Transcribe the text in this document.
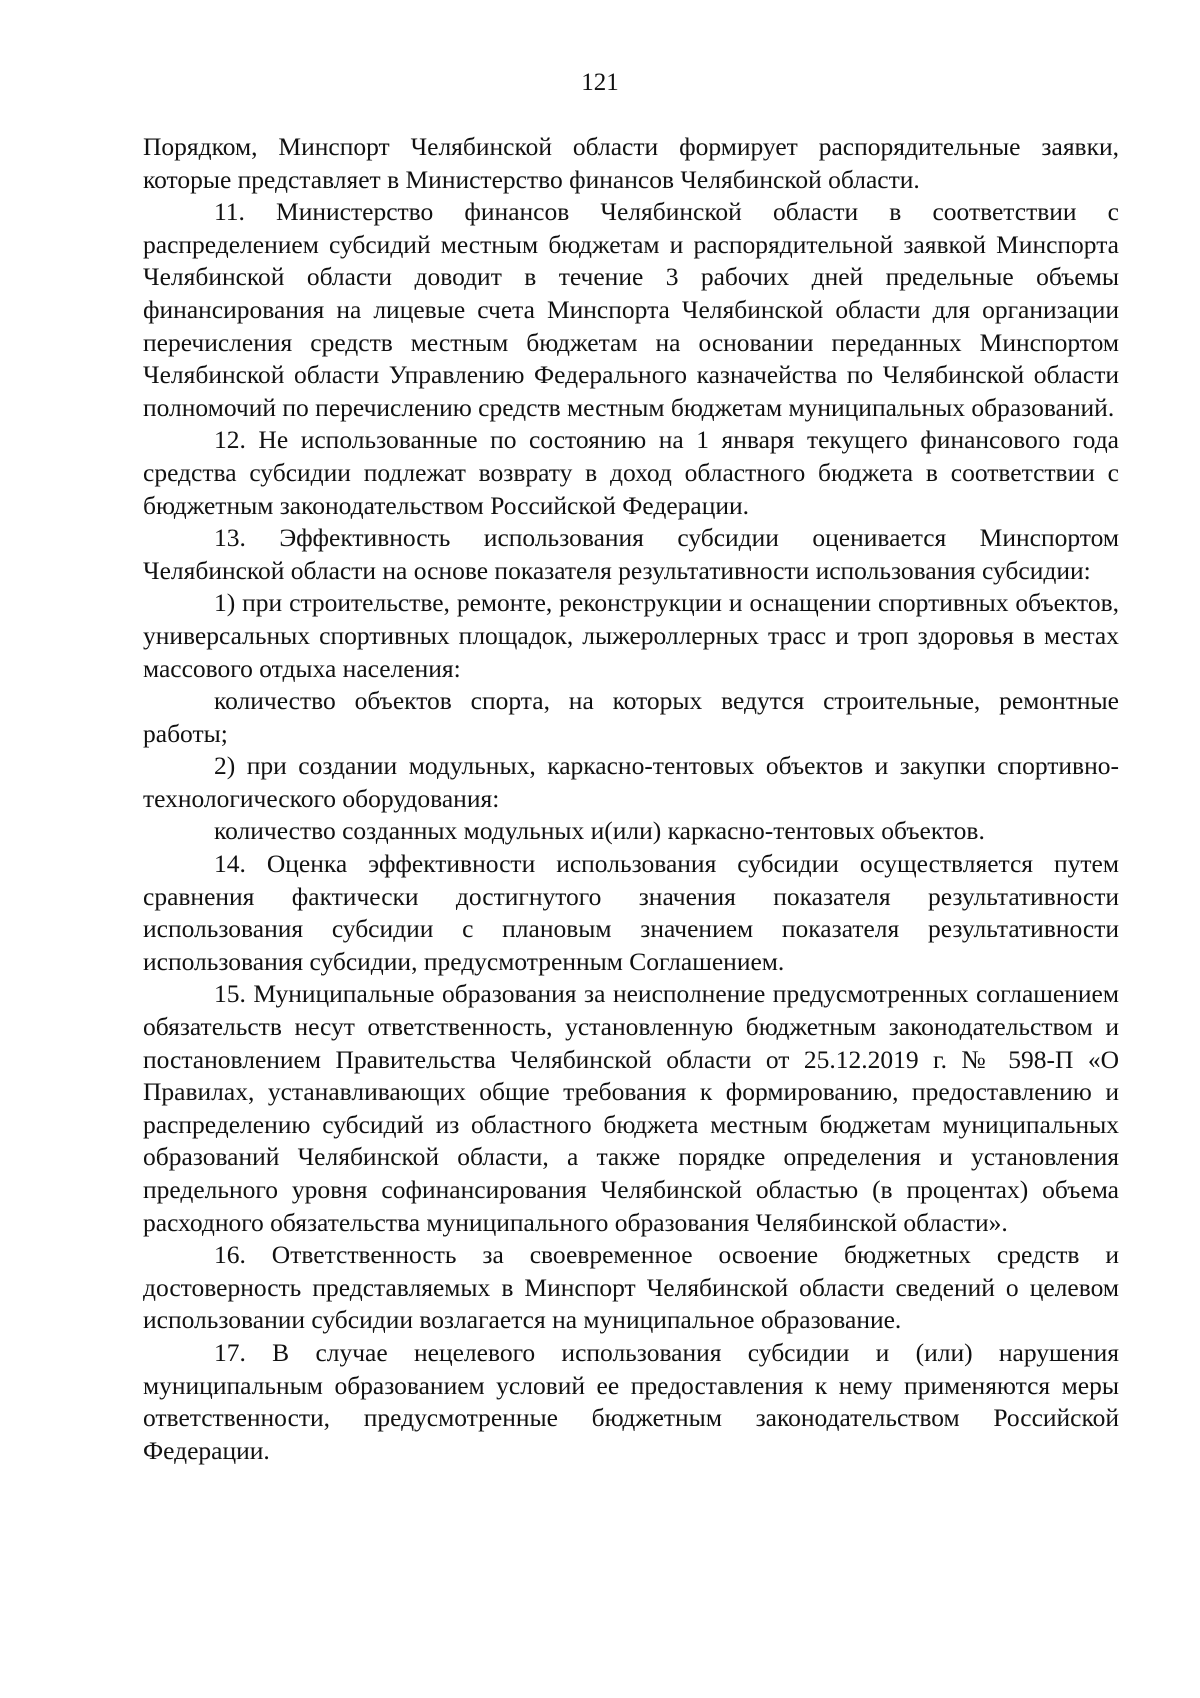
121

Порядком, Минспорт Челябинской области формирует распорядительные заявки, которые представляет в Министерство финансов Челябинской области.

11. Министерство финансов Челябинской области в соответствии с распределением субсидий местным бюджетам и распорядительной заявкой Минспорта Челябинской области доводит в течение 3 рабочих дней предельные объемы финансирования на лицевые счета Минспорта Челябинской области для организации перечисления средств местным бюджетам на основании переданных Минспортом Челябинской области Управлению Федерального казначейства по Челябинской области полномочий по перечислению средств местным бюджетам муниципальных образований.

12. Не использованные по состоянию на 1 января текущего финансового года средства субсидии подлежат возврату в доход областного бюджета в соответствии с бюджетным законодательством Российской Федерации.

13. Эффективность использования субсидии оценивается Минспортом Челябинской области на основе показателя результативности использования субсидии:

1) при строительстве, ремонте, реконструкции и оснащении спортивных объектов, универсальных спортивных площадок, лыжероллерных трасс и троп здоровья в местах массового отдыха населения:

количество объектов спорта, на которых ведутся строительные, ремонтные работы;

2) при создании модульных, каркасно-тентовых объектов и закупки спортивно-технологического оборудования:

количество созданных модульных и(или) каркасно-тентовых объектов.

14. Оценка эффективности использования субсидии осуществляется путем сравнения фактически достигнутого значения показателя результативности использования субсидии с плановым значением показателя результативности использования субсидии, предусмотренным Соглашением.

15. Муниципальные образования за неисполнение предусмотренных соглашением обязательств несут ответственность, установленную бюджетным законодательством и постановлением Правительства Челябинской области от 25.12.2019 г. № 598-П «О Правилах, устанавливающих общие требования к формированию, предоставлению и распределению субсидий из областного бюджета местным бюджетам муниципальных образований Челябинской области, а также порядке определения и установления предельного уровня софинансирования Челябинской областью (в процентах) объема расходного обязательства муниципального образования Челябинской области».

16. Ответственность за своевременное освоение бюджетных средств и достоверность представляемых в Минспорт Челябинской области сведений о целевом использовании субсидии возлагается на муниципальное образование.

17. В случае нецелевого использования субсидии и (или) нарушения муниципальным образованием условий ее предоставления к нему применяются меры ответственности, предусмотренные бюджетным законодательством Российской Федерации.
